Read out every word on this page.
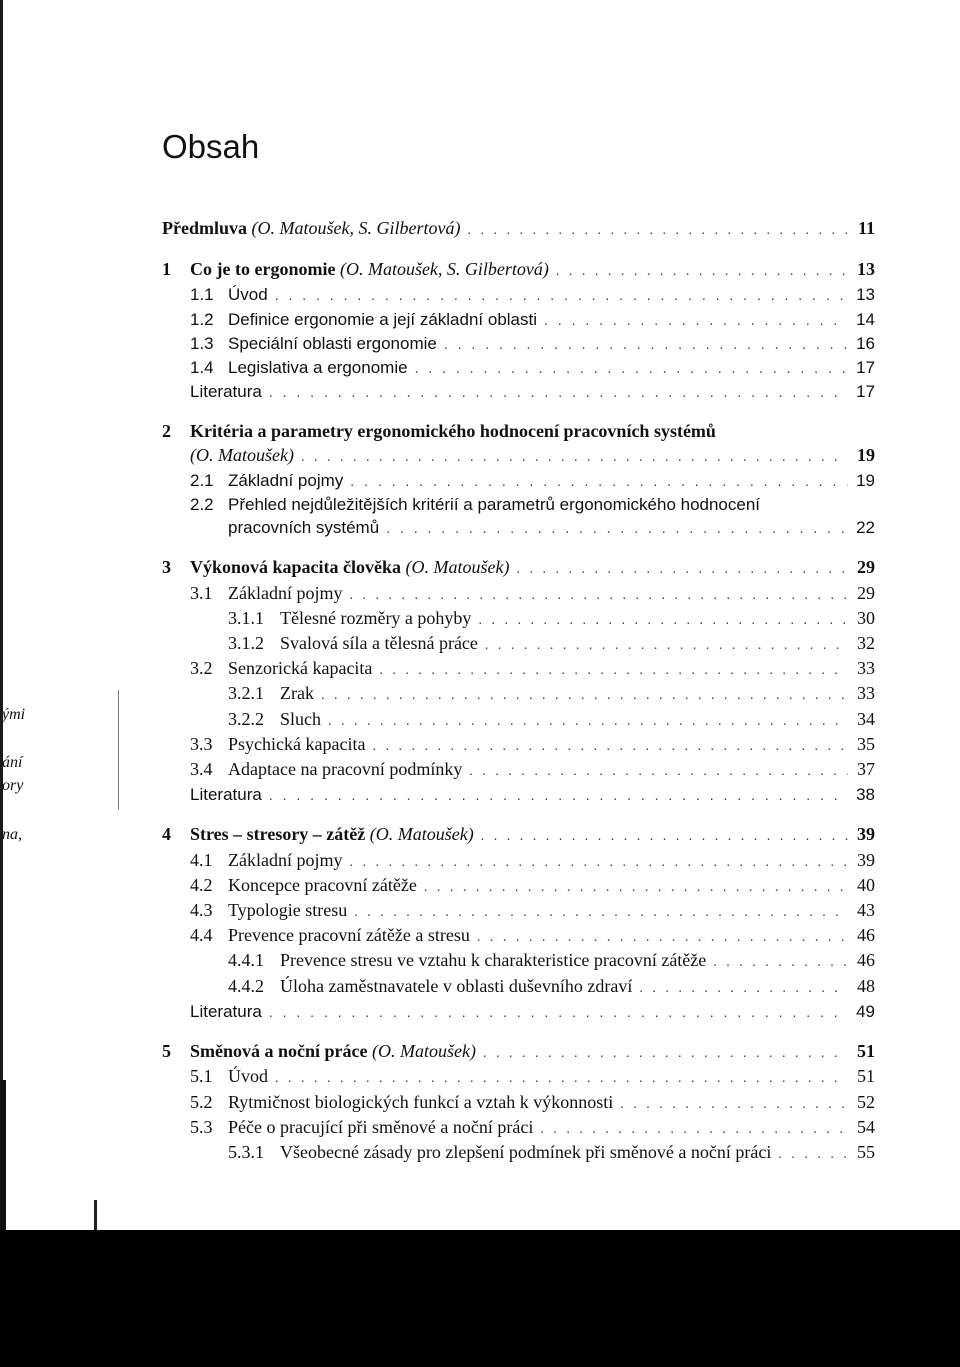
ými
ání
ory
na,
Obsah
Předmluva (O. Matoušek, S. Gilbertová) . . .	11
1	Co je to ergonomie (O. Matoušek, S. Gilbertová) . . .	13
1.1 Úvod . . .	13
1.2 Definice ergonomie a její základní oblasti . . .	14
1.3 Speciální oblasti ergonomie . . .	16
1.4 Legislativa a ergonomie . . .	17
Literatura . . .	17
2	Kritéria a parametry ergonomického hodnocení pracovních systémů
(O. Matoušek) . . .	19
2.1 Základní pojmy . . .	19
2.2 Přehled nejdůležitějších kritérií a parametrů ergonomického hodnocení
pracovních systémů . . .	22
3	Výkonová kapacita člověka (O. Matoušek) . . .	29
3.1 Základní pojmy . . .	29
3.1.1 Tělesné rozměry a pohyby . . .	30
3.1.2 Svalová síla a tělesná práce . . .	32
3.2 Senzorická kapacita . . .	33
3.2.1 Zrak . . .	33
3.2.2 Sluch . . .	34
3.3 Psychická kapacita . . .	35
3.4 Adaptace na pracovní podmínky . . .	37
Literatura . . .	38
4	Stres – stresory – zátěž (O. Matoušek) . . .	39
4.1 Základní pojmy . . .	39
4.2 Koncepce pracovní zátěže . . .	40
4.3 Typologie stresu . . .	43
4.4 Prevence pracovní zátěže a stresu . . .	46
4.4.1 Prevence stresu ve vztahu k charakteristice pracovní zátěže . . .	46
4.4.2 Úloha zaměstnavatele v oblasti duševního zdraví . . .	48
Literatura . . .	49
5	Směnová a noční práce (O. Matoušek) . . .	51
5.1 Úvod . . .	51
5.2 Rytmičnost biologických funkcí a vztah k výkonnosti . . .	52
5.3 Péče o pracující při směnové a noční práci . . .	54
5.3.1 Všeobecné zásady pro zlepšení podmínek při směnové a noční práci . . .	55
